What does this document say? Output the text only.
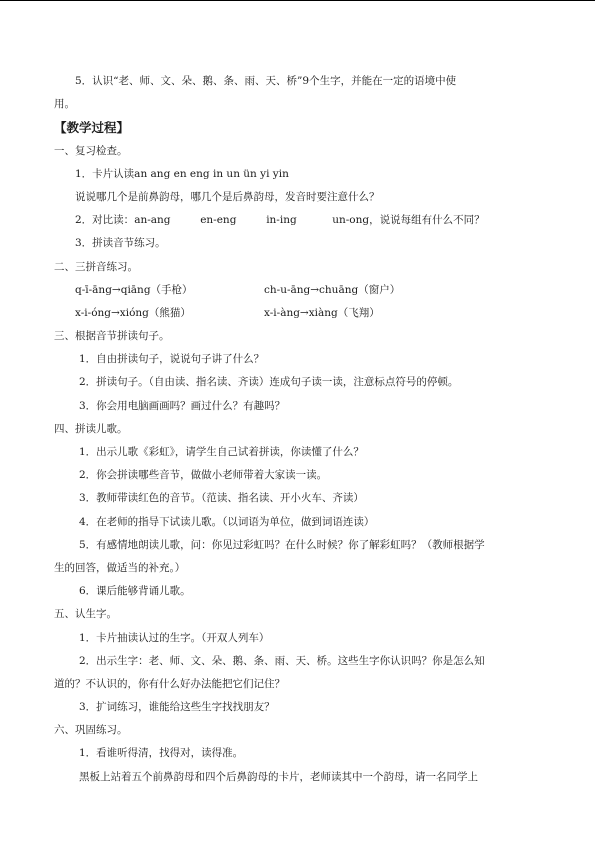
5．认识“老、师、文、朵、鹅、条、雨、天、桥”9个生字，并能在一定的语境中使
用。
【教学过程】
一、复习检查。
1．卡片认读an ang en eng in un ün yi yin
说说哪几个是前鼻韵母，哪几个是后鼻韵母，发音时要注意什么？
2．对比读：an-ang	en-eng	in-ing	un-ong，说说每组有什么不同？
3．拼读音节练习。
二、三拼音练习。
q-ī-āng→qiāng（手枪）	ch-u-āng→chuāng（窗户）
x-i-óng→xióng（熊猫）	x-i-àng→xiàng（飞翔）
三、根据音节拼读句子。
1．自由拼读句子，说说句子讲了什么？
2．拼读句子。（自由读、指名读、齐读）连成句子读一读，注意标点符号的停顿。
3．你会用电脑画画吗？画过什么？有趣吗？
四、拼读儿歌。
1．出示儿歌《彩虹》，请学生自己试着拼读，你读懂了什么？
2．你会拼读哪些音节，做做小老师带着大家读一读。
3．教师带读红色的音节。（范读、指名读、开小火车、齐读）
4．在老师的指导下试读儿歌。（以词语为单位，做到词语连读）
5．有感情地朗读儿歌，问：你见过彩虹吗？在什么时候？你了解彩虹吗？（教师根据学
生的回答，做适当的补充。）
6．课后能够背诵儿歌。
五、认生字。
1．卡片抽读认过的生字。（开双人列车）
2．出示生字：老、师、文、朵、鹅、条、雨、天、桥。这些生字你认识吗？你是怎么知
道的？不认识的，你有什么好办法能把它们记住？
3．扩词练习，谁能给这些生字找找朋友？
六、巩固练习。
1．看谁听得清，找得对，读得准。
黑板上站着五个前鼻韵母和四个后鼻韵母的卡片，老师读其中一个韵母，请一名同学上
